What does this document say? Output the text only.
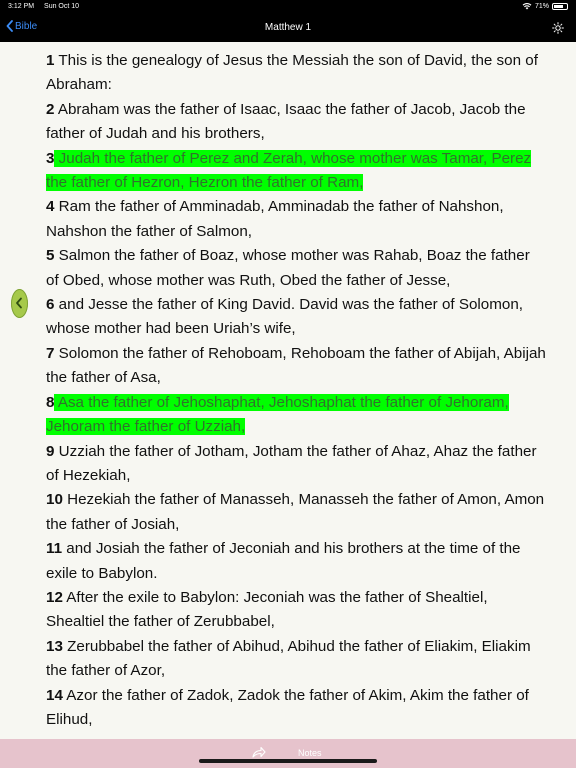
3:12 PM Sun Oct 10	71%
Bible	Matthew 1
1 This is the genealogy of Jesus the Messiah the son of David, the son of Abraham:
2 Abraham was the father of Isaac, Isaac the father of Jacob, Jacob the father of Judah and his brothers,
3 Judah the father of Perez and Zerah, whose mother was Tamar, Perez the father of Hezron, Hezron the father of Ram,
4 Ram the father of Amminadab, Amminadab the father of Nahshon, Nahshon the father of Salmon,
5 Salmon the father of Boaz, whose mother was Rahab, Boaz the father of Obed, whose mother was Ruth, Obed the father of Jesse,
6 and Jesse the father of King David. David was the father of Solomon, whose mother had been Uriah’s wife,
7 Solomon the father of Rehoboam, Rehoboam the father of Abijah, Abijah the father of Asa,
8 Asa the father of Jehoshaphat, Jehoshaphat the father of Jehoram, Jehoram the father of Uzziah,
9 Uzziah the father of Jotham, Jotham the father of Ahaz, Ahaz the father of Hezekiah,
10 Hezekiah the father of Manasseh, Manasseh the father of Amon, Amon the father of Josiah,
11 and Josiah the father of Jeconiah and his brothers at the time of the exile to Babylon.
12 After the exile to Babylon: Jeconiah was the father of Shealtiel, Shealtiel the father of Zerubbabel,
13 Zerubbabel the father of Abihud, Abihud the father of Eliakim, Eliakim the father of Azor,
14 Azor the father of Zadok, Zadok the father of Akim, Akim the father of Elihud,
Notes
